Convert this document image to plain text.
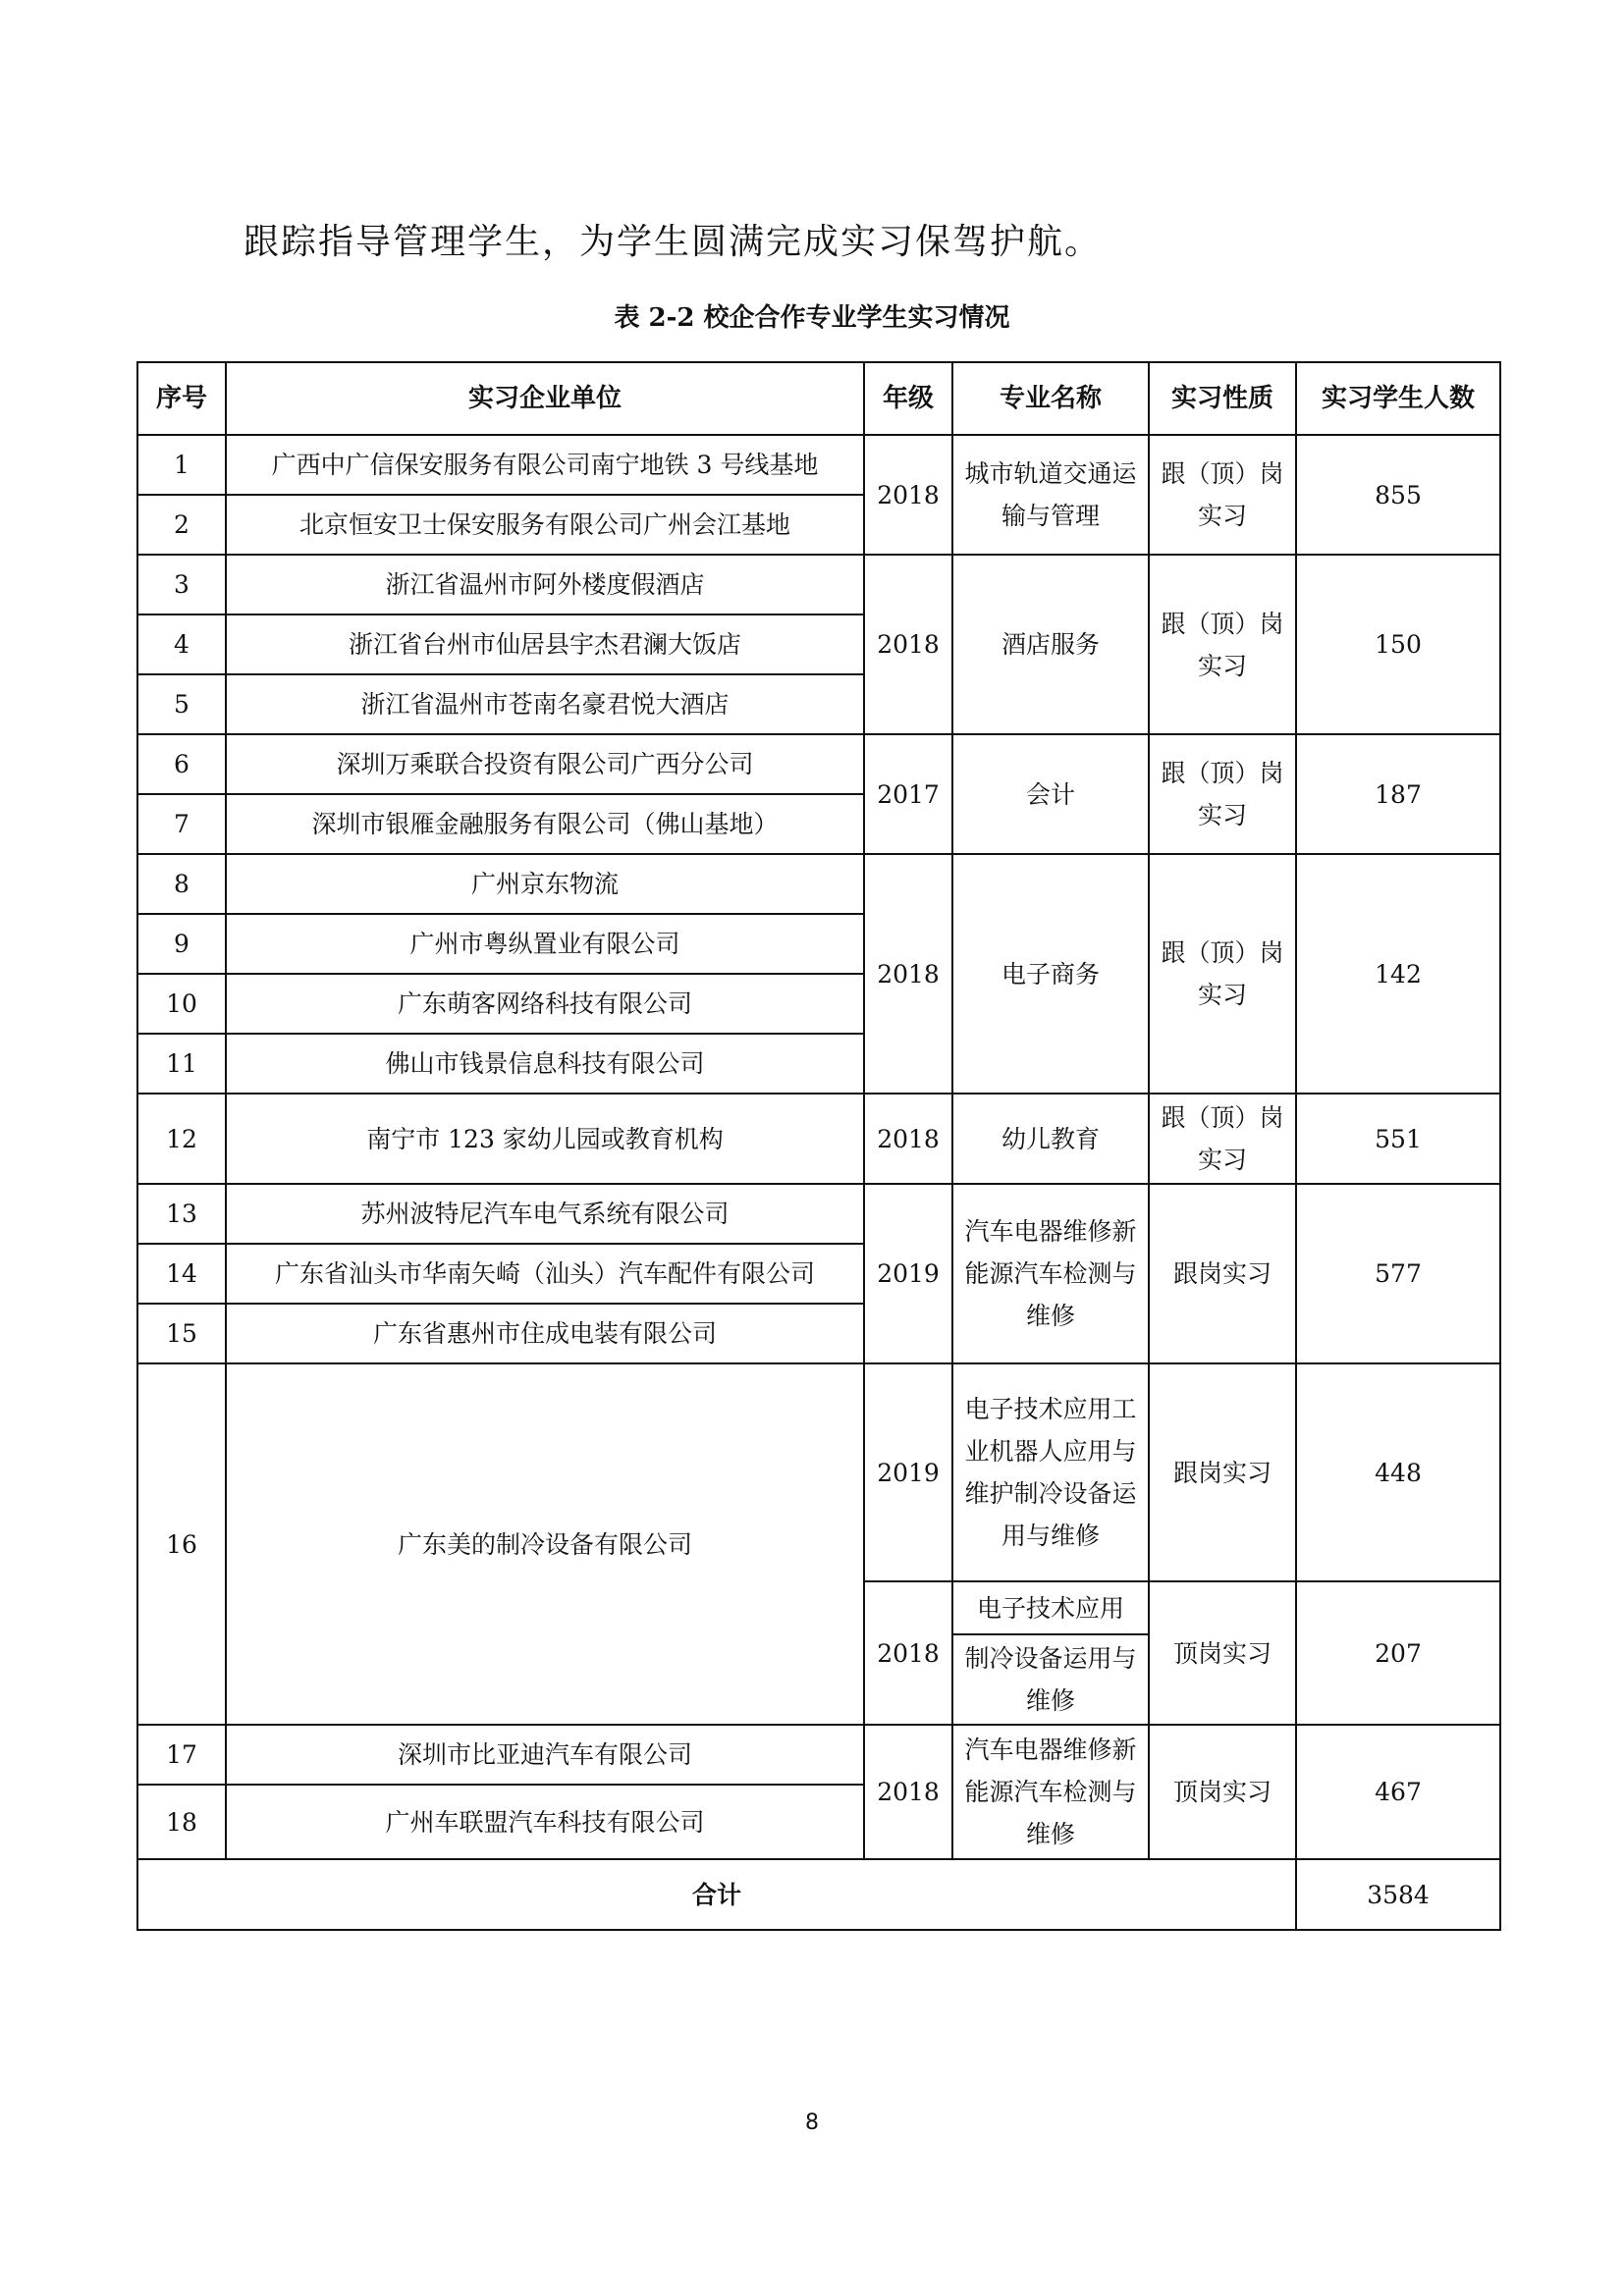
跟踪指导管理学生，为学生圆满完成实习保驾护航。
表 2-2 校企合作专业学生实习情况
序号	实习企业单位	年级	专业名称	实习性质	实习学生人数
1	广西中广信保安服务有限公司南宁地铁 3 号线基地	2018	城市轨道交通运输与管理	跟（顶）岗实习	855
2	北京恒安卫士保安服务有限公司广州会江基地				
3	浙江省温州市阿外楼度假酒店	2018	酒店服务	跟（顶）岗实习	150
4	浙江省台州市仙居县宇杰君澜大饭店				
5	浙江省温州市苍南名豪君悦大酒店				
6	深圳万乘联合投资有限公司广西分公司	2017	会计	跟（顶）岗实习	187
7	深圳市银雁金融服务有限公司（佛山基地）				
8	广州京东物流	2018	电子商务	跟（顶）岗实习	142
9	广州市粤纵置业有限公司				
10	广东萌客网络科技有限公司				
11	佛山市钱景信息科技有限公司				
12	南宁市 123 家幼儿园或教育机构	2018	幼儿教育	跟（顶）岗实习	551
13	苏州波特尼汽车电气系统有限公司	2019	汽车电器维修新能源汽车检测与维修	跟岗实习	577
14	广东省汕头市华南矢崎（汕头）汽车配件有限公司				
15	广东省惠州市住成电装有限公司				
16	广东美的制冷设备有限公司	2019	电子技术应用工业机器人应用与维护制冷设备运用与维修	跟岗实习	448
		2018	电子技术应用	顶岗实习	207
			制冷设备运用与维修		
17	深圳市比亚迪汽车有限公司	2018	汽车电器维修新能源汽车检测与维修	顶岗实习	467
18	广州车联盟汽车科技有限公司				
合计					3584
8
